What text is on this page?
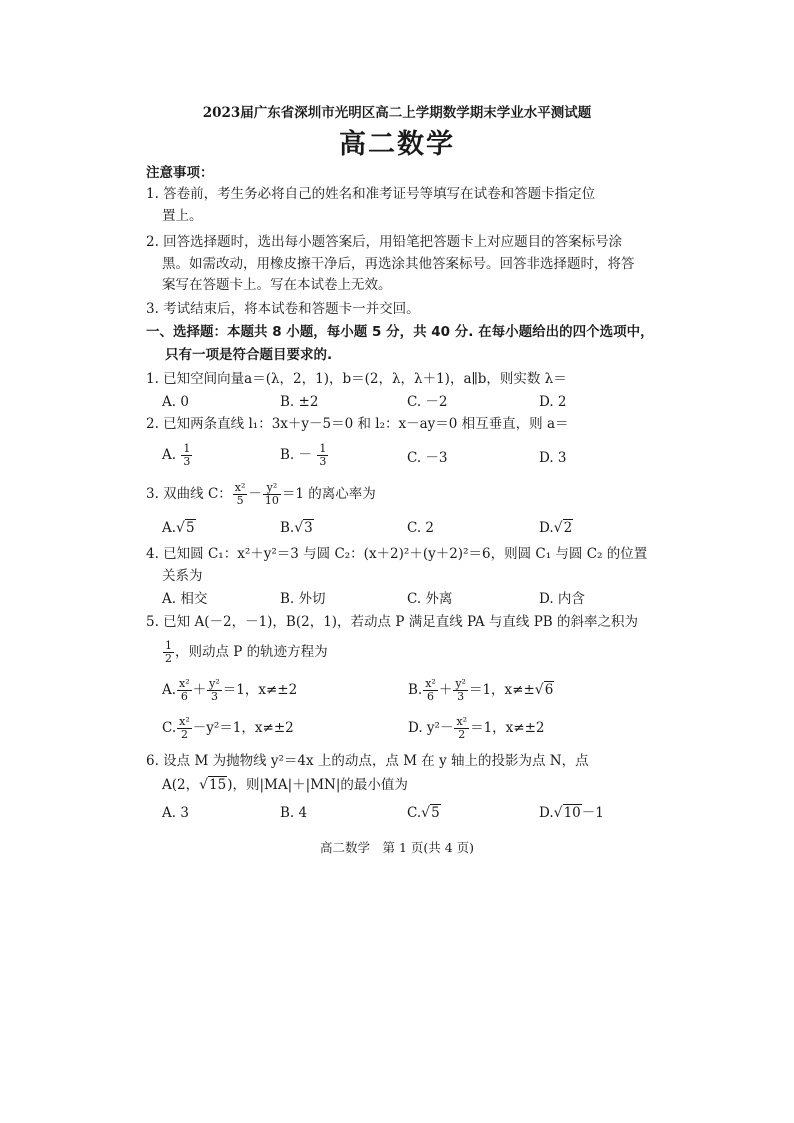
2023届广东省深圳市光明区高二上学期数学期末学业水平测试题
高二数学
注意事项：
1. 答卷前，考生务必将自己的姓名和准考证号等填写在试卷和答题卡指定位
置上。
2. 回答选择题时，选出每小题答案后，用铅笔把答题卡上对应题目的答案标号涂
黑。如需改动，用橡皮擦干净后，再选涂其他答案标号。回答非选择题时，将答
案写在答题卡上。写在本试卷上无效。
3. 考试结束后，将本试卷和答题卡一并交回。
一、选择题：本题共 8 小题，每小题 5 分，共 40 分. 在每小题给出的四个选项中，
只有一项是符合题目要求的.
1. 已知空间向量a＝(λ，2，1)，b＝(2，λ，λ＋1)，a∥b，则实数 λ＝
A. 0	B. ±2	C. －2	D. 2
2. 已知两条直线 l₁：3x＋y－5＝0 和 l₂：x－ay＝0 相互垂直，则 a＝
A. $\frac{1}{3}$	B. － $\frac{1}{3}$	C. －3	D. 3
3. 双曲线 C： $\frac{\text{x²}}{5} - \frac{\text{y²}}{10} =1$ 的离心率为
A.√5	B.√3	C. 2	D.√2
4. 已知圆 C₁：x²＋y²＝3 与圆 C₂：(x＋2)²＋(y＋2)²＝6，则圆 C₁ 与圆 C₂ 的位置
关系为
A. 相交	B. 外切	C. 外离	D. 内含
5. 已知 A(－2，－1)，B(2，1)，若动点 P 满足直线 PA 与直线 PB 的斜率之积为
$\frac{1}{2}$ ，则动点 P 的轨迹方程为
A. $\frac{\text{x²}}{6} + \frac{\text{y²}}{3} =1$，x≠±2	B. $\frac{\text{x²}}{6} + \frac{\text{y²}}{3} =1$，x≠±√6
C. $\frac{\text{x²}}{2} -y^2=1$，x≠±2	D. $y^2- \frac{\text{x²}}{2} =1$，x≠±2
6. 设点 M 为抛物线 y²＝4x 上的动点，点 M 在 y 轴上的投影为点 N，点
A(2，√15)，则|MA|＋|MN|的最小值为
A. 3	B. 4	C.√5	D.√10－1
高二数学　第 1 页(共 4 页)
